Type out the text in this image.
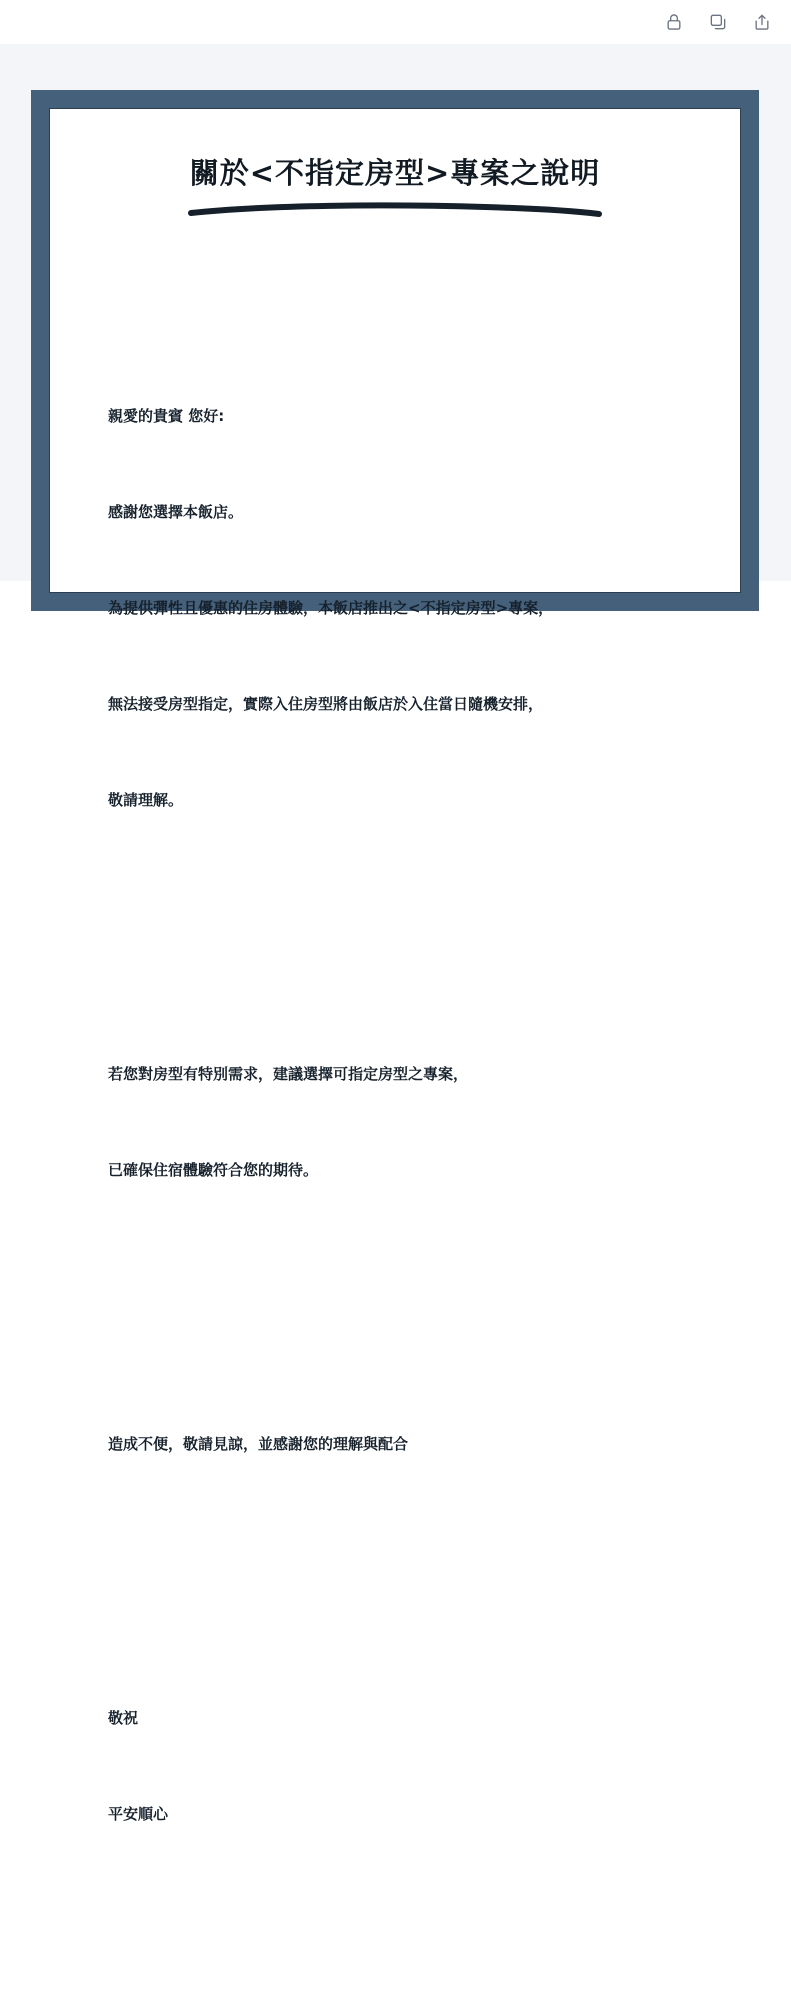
關於<不指定房型>專案之說明

親愛的貴賓 您好:

感謝您選擇本飯店。

為提供彈性且優惠的住房體驗，本飯店推出之<不指定房型>專案，

無法接受房型指定，實際入住房型將由飯店於入住當日隨機安排，

敬請理解。

若您對房型有特別需求，建議選擇可指定房型之專案，

已確保住宿體驗符合您的期待。

造成不便，敬請見諒，並感謝您的理解與配合

敬祝

平安順心
